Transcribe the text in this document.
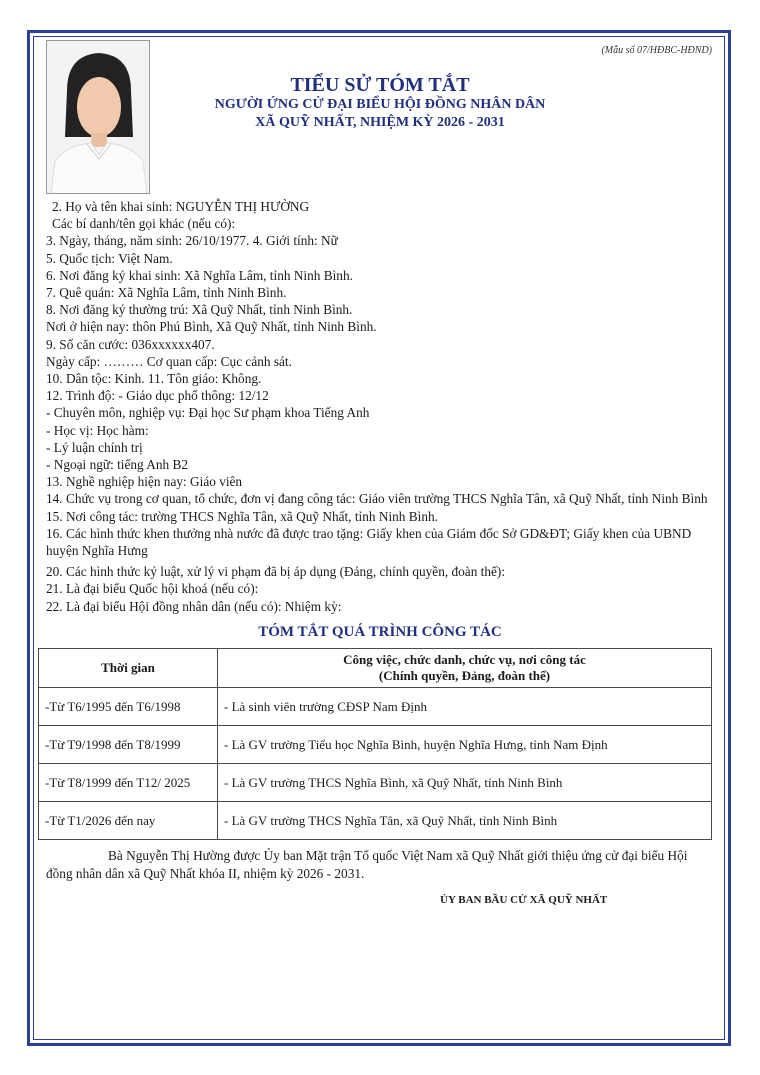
(Mẫu số 07/HĐBC-HĐND)
TIỂU SỬ TÓM TẮT
NGƯỜI ỨNG CỬ ĐẠI BIỂU HỘI ĐỒNG NHÂN DÂN
XÃ QUỸ NHẤT, NHIỆM KỲ 2026 - 2031
2. Họ và tên khai sinh: NGUYỄN THỊ HƯỜNG
Các bí danh/tên gọi khác (nếu có):
3. Ngày, tháng, năm sinh: 26/10/1977. 4. Giới tính: Nữ
5. Quốc tịch: Việt Nam.
6. Nơi đăng ký khai sinh: Xã Nghĩa Lâm, tỉnh Ninh Bình.
7. Quê quán: Xã Nghĩa Lâm, tỉnh Ninh Bình.
8. Nơi đăng ký thường trú: Xã Quỹ Nhất, tỉnh Ninh Bình.
Nơi ở hiện nay: thôn Phú Bình, Xã Quỹ Nhất, tỉnh Ninh Bình.
9. Số căn cước: 036xxxxxx407.
Ngày cấp: ……… Cơ quan cấp: Cục cảnh sát.
10. Dân tộc: Kinh. 11. Tôn giáo: Không.
12. Trình độ: - Giáo dục phổ thông: 12/12
- Chuyên môn, nghiệp vụ: Đại học Sư phạm khoa Tiếng Anh
- Học vị: Học hàm:
- Lý luận chính trị
- Ngoại ngữ: tiếng Anh B2
13. Nghề nghiệp hiện nay: Giáo viên
14. Chức vụ trong cơ quan, tổ chức, đơn vị đang công tác: Giáo viên trường THCS Nghĩa Tân, xã Quỹ Nhất, tỉnh Ninh Bình
15. Nơi công tác: trường THCS Nghĩa Tân, xã Quỹ Nhất, tỉnh Ninh Bình.
16. Các hình thức khen thưởng nhà nước đã được trao tặng: Giấy khen của Giám đốc Sở GD&ĐT; Giấy khen của UBND huyện Nghĩa Hưng
20. Các hình thức kỷ luật, xử lý vi phạm đã bị áp dụng (Đảng, chính quyền, đoàn thể):
21. Là đại biểu Quốc hội khoá (nếu có):
22. Là đại biểu Hội đồng nhân dân (nếu có): Nhiệm kỳ:
TÓM TẮT QUÁ TRÌNH CÔNG TÁC
Thời gian	Công việc, chức danh, chức vụ, nơi công tác
(Chính quyền, Đảng, đoàn thể)

-Từ T6/1995 đến T6/1998	- Là sinh viên trường CĐSP Nam Định
-Từ T9/1998 đến T8/1999	- Là GV trường Tiểu học Nghĩa Bình, huyện Nghĩa Hưng, tỉnh Nam Định
-Từ T8/1999 đến T12/ 2025	- Là GV trường THCS Nghĩa Bình, xã Quỹ Nhất, tỉnh Ninh Bình
-Từ T1/2026 đến nay	- Là GV trường THCS Nghĩa Tân, xã Quỹ Nhất, tỉnh Ninh Bình
Bà Nguyễn Thị Hường được Ủy ban Mặt trận Tổ quốc Việt Nam xã Quỹ Nhất giới thiệu ứng cử đại biểu Hội đồng nhân dân xã Quỹ Nhất khóa II, nhiệm kỳ 2026 - 2031.
ỦY BAN BẦU CỬ XÃ QUỸ NHẤT
